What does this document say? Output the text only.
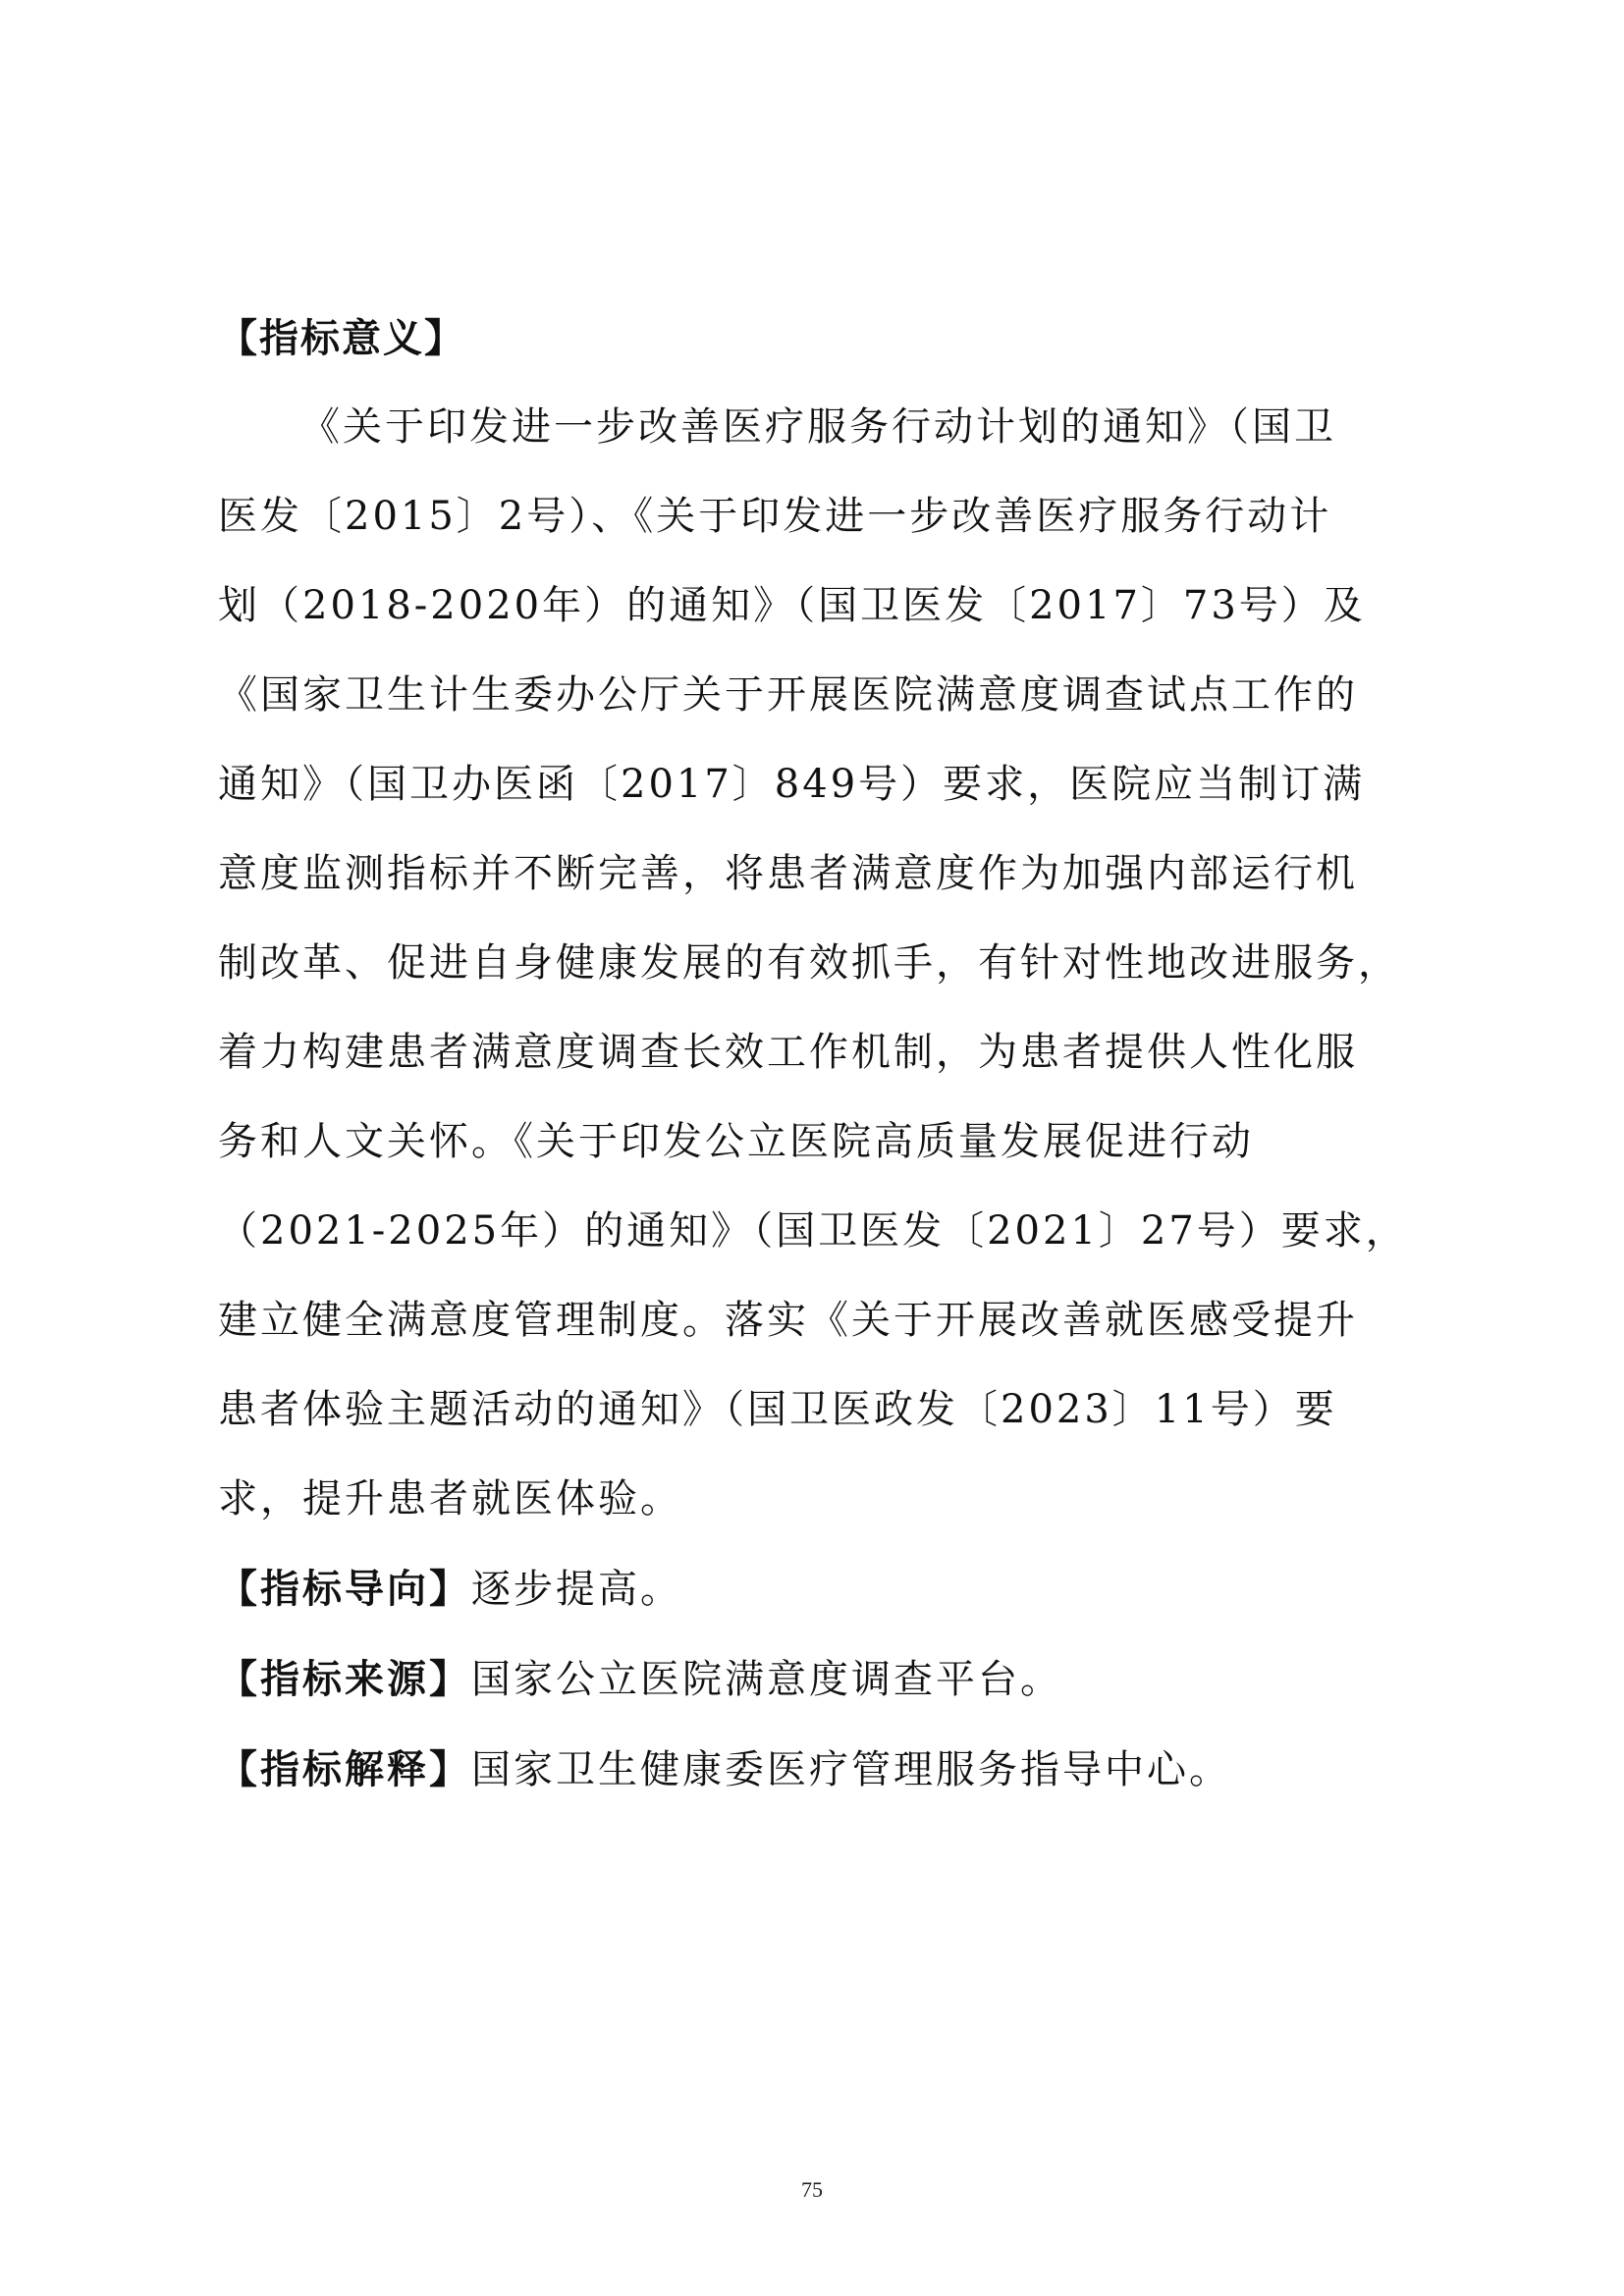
【指标意义】
《关于印发进一步改善医疗服务行动计划的通知》（国卫
医发〔2015〕2号）、《关于印发进一步改善医疗服务行动计
划（2018-2020年）的通知》（国卫医发〔2017〕73号）及
《国家卫生计生委办公厅关于开展医院满意度调查试点工作的
通知》（国卫办医函〔2017〕849号）要求，医院应当制订满
意度监测指标并不断完善，将患者满意度作为加强内部运行机
制改革、促进自身健康发展的有效抓手，有针对性地改进服务，
着力构建患者满意度调查长效工作机制，为患者提供人性化服
务和人文关怀。《关于印发公立医院高质量发展促进行动
（2021-2025年）的通知》（国卫医发〔2021〕27号）要求，
建立健全满意度管理制度。落实《关于开展改善就医感受提升
患者体验主题活动的通知》（国卫医政发〔2023〕11号）要
求，提升患者就医体验。
【指标导向】逐步提高。
【指标来源】国家公立医院满意度调查平台。
【指标解释】国家卫生健康委医疗管理服务指导中心。
75
